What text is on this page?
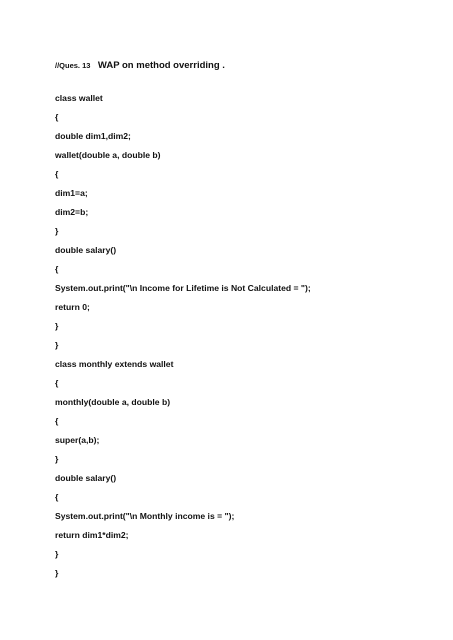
//Ques. 13 WAP on method overriding .
class wallet
{
double dim1,dim2;
wallet(double a, double b)
{
dim1=a;
dim2=b;
}
double salary()
{
System.out.print("\n Income for Lifetime is Not Calculated = ");
return 0;
}
}
class monthly extends wallet
{
monthly(double a, double b)
{
super(a,b);
}
double salary()
{
System.out.print("\n Monthly income is = ");
return dim1*dim2;
}
}
